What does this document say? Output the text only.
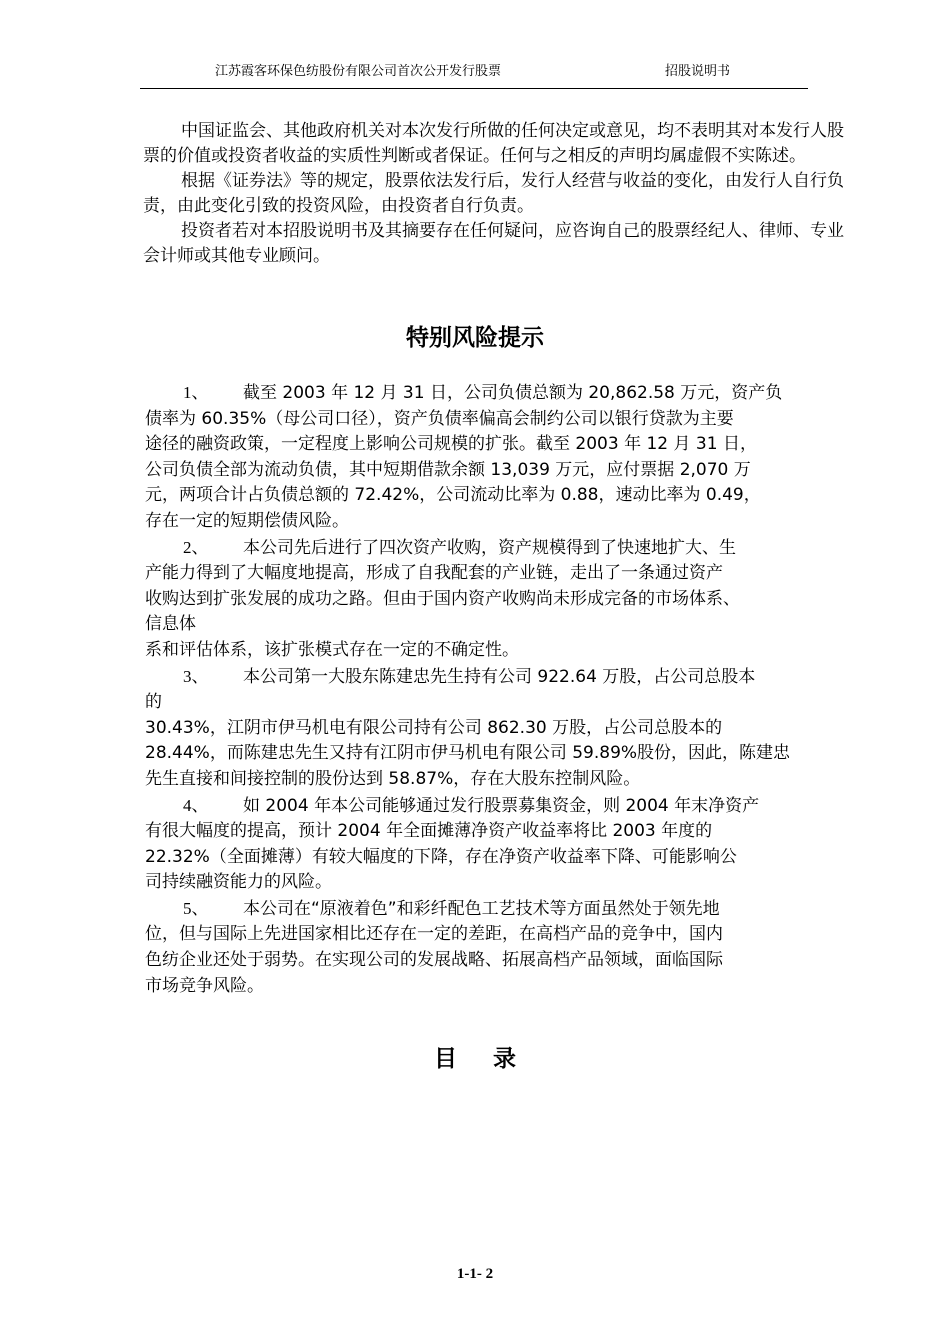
江苏霞客环保色纺股份有限公司首次公开发行股票	招股说明书

中国证监会、其他政府机关对本次发行所做的任何决定或意见，均不表明其对本发行人股票的价值或投资者收益的实质性判断或者保证。任何与之相反的声明均属虚假不实陈述。

根据《证券法》等的规定，股票依法发行后，发行人经营与收益的变化，由发行人自行负责，由此变化引致的投资风险，由投资者自行负责。

投资者若对本招股说明书及其摘要存在任何疑问，应咨询自己的股票经纪人、律师、专业会计师或其他专业顾问。

特别风险提示

1、 截至 2003 年 12 月 31 日，公司负债总额为 20,862.58 万元，资产负

债率为 60.35%（母公司口径），资产负债率偏高会制约公司以银行贷款为主要

途径的融资政策，一定程度上影响公司规模的扩张。截至 2003 年 12 月 31 日，

公司负债全部为流动负债，其中短期借款余额 13,039 万元，应付票据 2,070 万

元，两项合计占负债总额的 72.42%，公司流动比率为 0.88，速动比率为 0.49，

存在一定的短期偿债风险。

2、 本公司先后进行了四次资产收购，资产规模得到了快速地扩大、生

产能力得到了大幅度地提高，形成了自我配套的产业链，走出了一条通过资产

收购达到扩张发展的成功之路。但由于国内资产收购尚未形成完备的市场体系、

信息体

系和评估体系，该扩张模式存在一定的不确定性。

3、 本公司第一大股东陈建忠先生持有公司 922.64 万股，占公司总股本

的

30.43%，江阴市伊马机电有限公司持有公司 862.30 万股，占公司总股本的

28.44%，而陈建忠先生又持有江阴市伊马机电有限公司 59.89%股份，因此，陈建忠

先生直接和间接控制的股份达到 58.87%，存在大股东控制风险。

4、 如 2004 年本公司能够通过发行股票募集资金，则 2004 年末净资产

有很大幅度的提高，预计 2004 年全面摊薄净资产收益率将比 2003 年度的

22.32%（全面摊薄）有较大幅度的下降，存在净资产收益率下降、可能影响公

司持续融资能力的风险。

5、 本公司在“原液着色”和彩纤配色工艺技术等方面虽然处于领先地

位，但与国际上先进国家相比还存在一定的差距，在高档产品的竞争中，国内

色纺企业还处于弱势。在实现公司的发展战略、拓展高档产品领域，面临国际

市场竞争风险。

目录
1-1- 2
